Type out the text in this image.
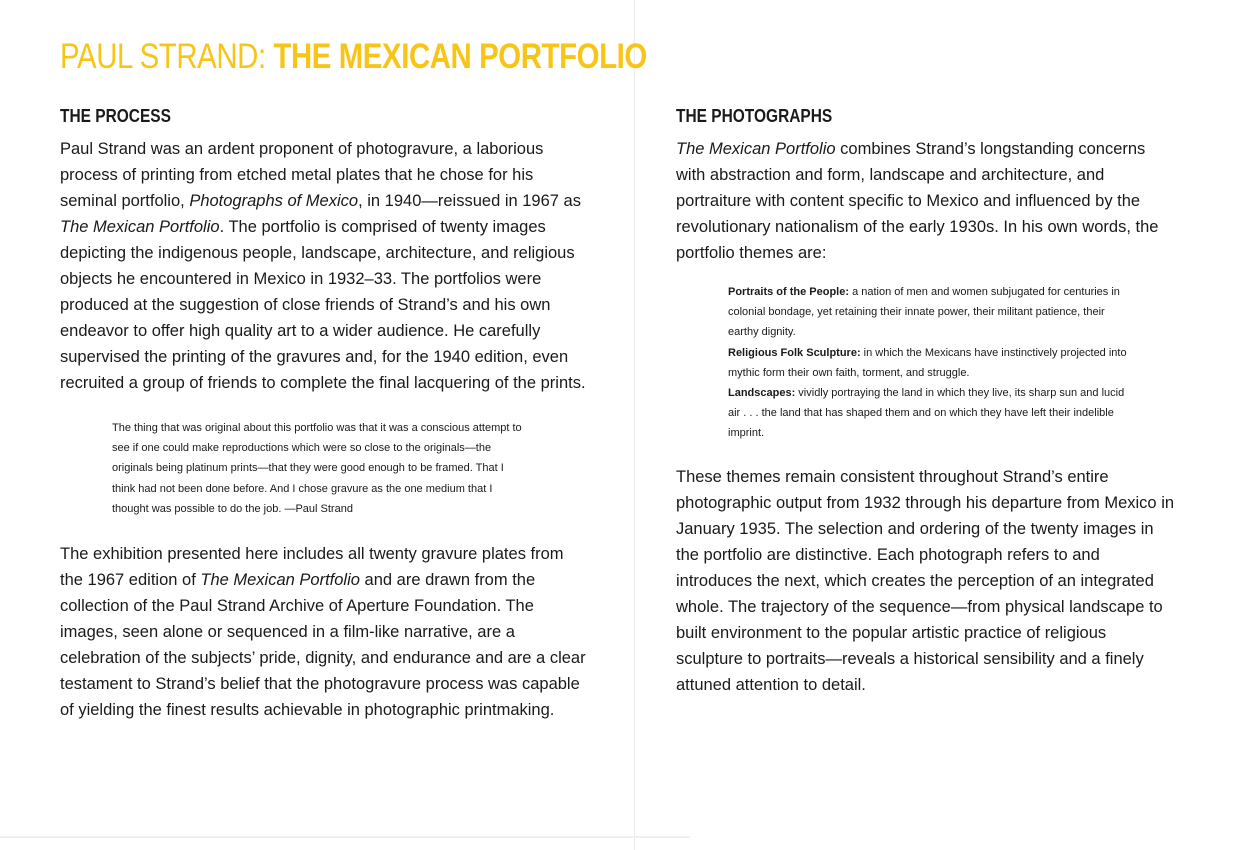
PAUL STRAND: THE MEXICAN PORTFOLIO
THE PROCESS

Paul Strand was an ardent proponent of photogravure, a laborious process of printing from etched metal plates that he chose for his seminal portfolio, Photographs of Mexico, in 1940—reissued in 1967 as The Mexican Portfolio. The portfolio is comprised of twenty images depicting the indigenous people, landscape, architecture, and religious objects he encountered in Mexico in 1932–33. The portfolios were produced at the suggestion of close friends of Strand’s and his own endeavor to offer high quality art to a wider audience. He carefully supervised the printing of the gravures and, for the 1940 edition, even recruited a group of friends to complete the final lacquering of the prints.

The thing that was original about this portfolio was that it was a conscious attempt to see if one could make reproductions which were so close to the originals—the originals being platinum prints—that they were good enough to be framed. That I think had not been done before. And I chose gravure as the one medium that I thought was possible to do the job. —Paul Strand

The exhibition presented here includes all twenty gravure plates from the 1967 edition of The Mexican Portfolio and are drawn from the collection of the Paul Strand Archive of Aperture Foundation. The images, seen alone or sequenced in a film-like narrative, are a celebration of the subjects’ pride, dignity, and endurance and are a clear testament to Strand’s belief that the photogravure process was capable of yielding the finest results achievable in photographic printmaking.

THE PHOTOGRAPHS

The Mexican Portfolio combines Strand’s longstanding concerns with abstraction and form, landscape and architecture, and portraiture with content specific to Mexico and influenced by the revolutionary nationalism of the early 1930s. In his own words, the portfolio themes are:

Portraits of the People: a nation of men and women subjugated for centuries in colonial bondage, yet retaining their innate power, their militant patience, their earthy dignity.
Religious Folk Sculpture: in which the Mexicans have instinctively projected into mythic form their own faith, torment, and struggle.
Landscapes: vividly portraying the land in which they live, its sharp sun and lucid air . . . the land that has shaped them and on which they have left their indelible imprint.

These themes remain consistent throughout Strand’s entire photographic output from 1932 through his departure from Mexico in January 1935. The selection and ordering of the twenty images in the portfolio are distinctive. Each photograph refers to and introduces the next, which creates the perception of an integrated whole. The trajectory of the sequence—from physical landscape to built environment to the popular artistic practice of religious sculpture to portraits—reveals a historical sensibility and a finely attuned attention to detail.
